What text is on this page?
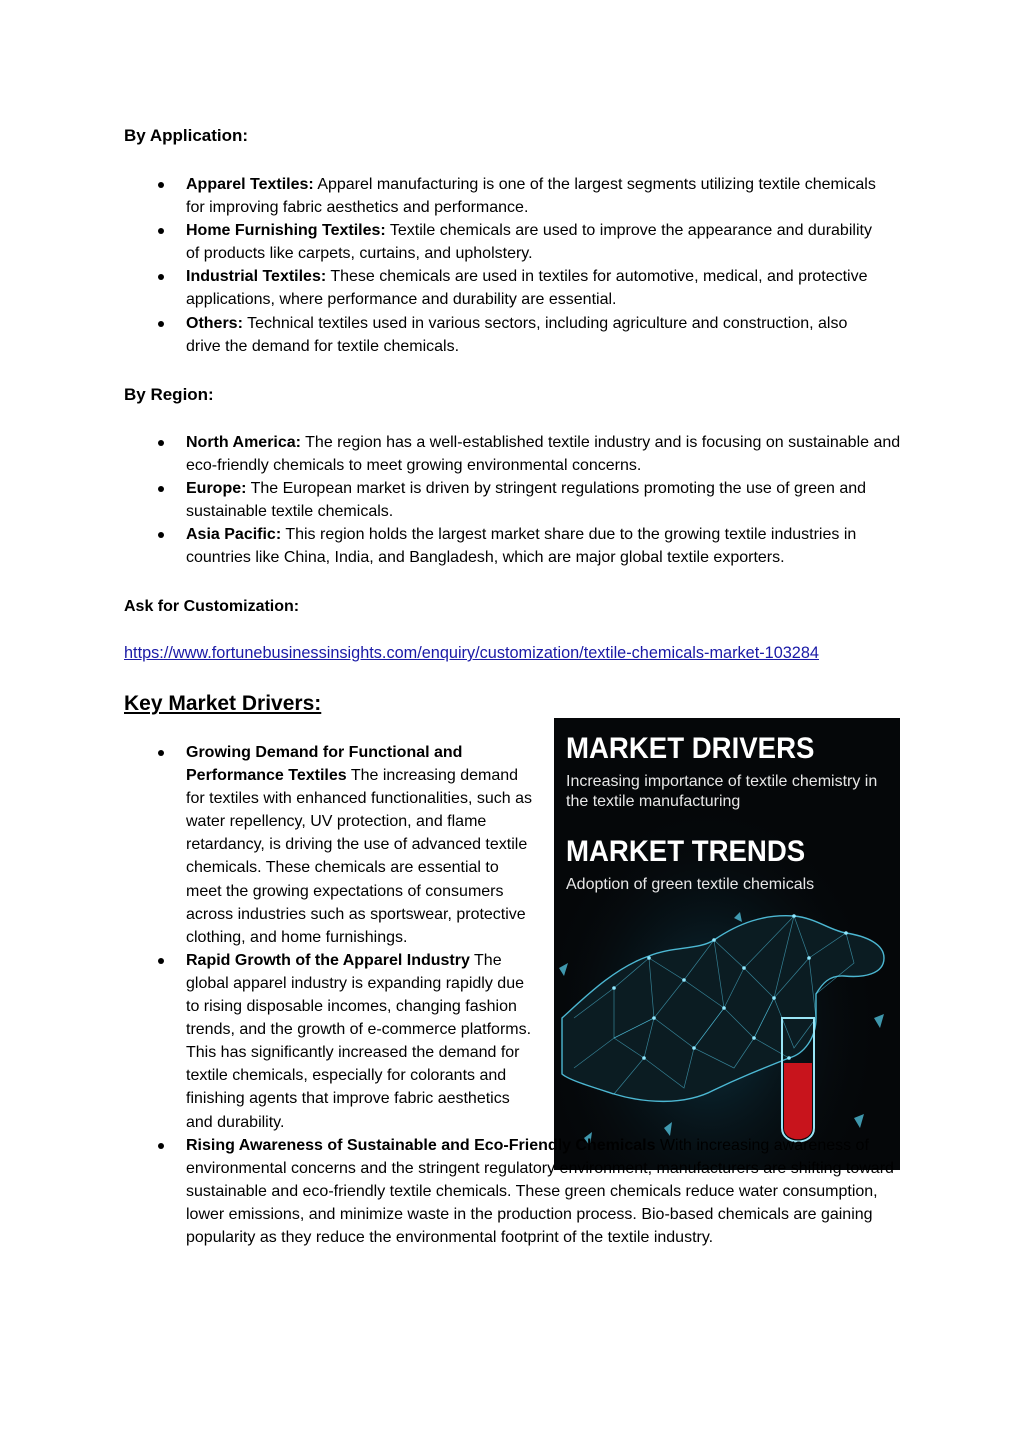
By Application:
Apparel Textiles: Apparel manufacturing is one of the largest segments utilizing textile chemicals for improving fabric aesthetics and performance.
Home Furnishing Textiles: Textile chemicals are used to improve the appearance and durability of products like carpets, curtains, and upholstery.
Industrial Textiles: These chemicals are used in textiles for automotive, medical, and protective applications, where performance and durability are essential.
Others: Technical textiles used in various sectors, including agriculture and construction, also drive the demand for textile chemicals.
By Region:
North America: The region has a well-established textile industry and is focusing on sustainable and eco-friendly chemicals to meet growing environmental concerns.
Europe: The European market is driven by stringent regulations promoting the use of green and sustainable textile chemicals.
Asia Pacific: This region holds the largest market share due to the growing textile industries in countries like China, India, and Bangladesh, which are major global textile exporters.
Ask for Customization:
https://www.fortunebusinessinsights.com/enquiry/customization/textile-chemicals-market-103284
Key Market Drivers:
MARKET DRIVERS
Increasing importance of textile chemistry in the textile manufacturing
MARKET TRENDS
Adoption of green textile chemicals
Growing Demand for Functional and Performance Textiles The increasing demand for textiles with enhanced functionalities, such as water repellency, UV protection, and flame retardancy, is driving the use of advanced textile chemicals. These chemicals are essential to meet the growing expectations of consumers across industries such as sportswear, protective clothing, and home furnishings.
Rapid Growth of the Apparel Industry The global apparel industry is expanding rapidly due to rising disposable incomes, changing fashion trends, and the growth of e-commerce platforms. This has significantly increased the demand for textile chemicals, especially for colorants and finishing agents that improve fabric aesthetics and durability.
Rising Awareness of Sustainable and Eco-Friendly Chemicals With increasing awareness of environmental concerns and the stringent regulatory environment, manufacturers are shifting toward sustainable and eco-friendly textile chemicals. These green chemicals reduce water consumption, lower emissions, and minimize waste in the production process. Bio-based chemicals are gaining popularity as they reduce the environmental footprint of the textile industry.
